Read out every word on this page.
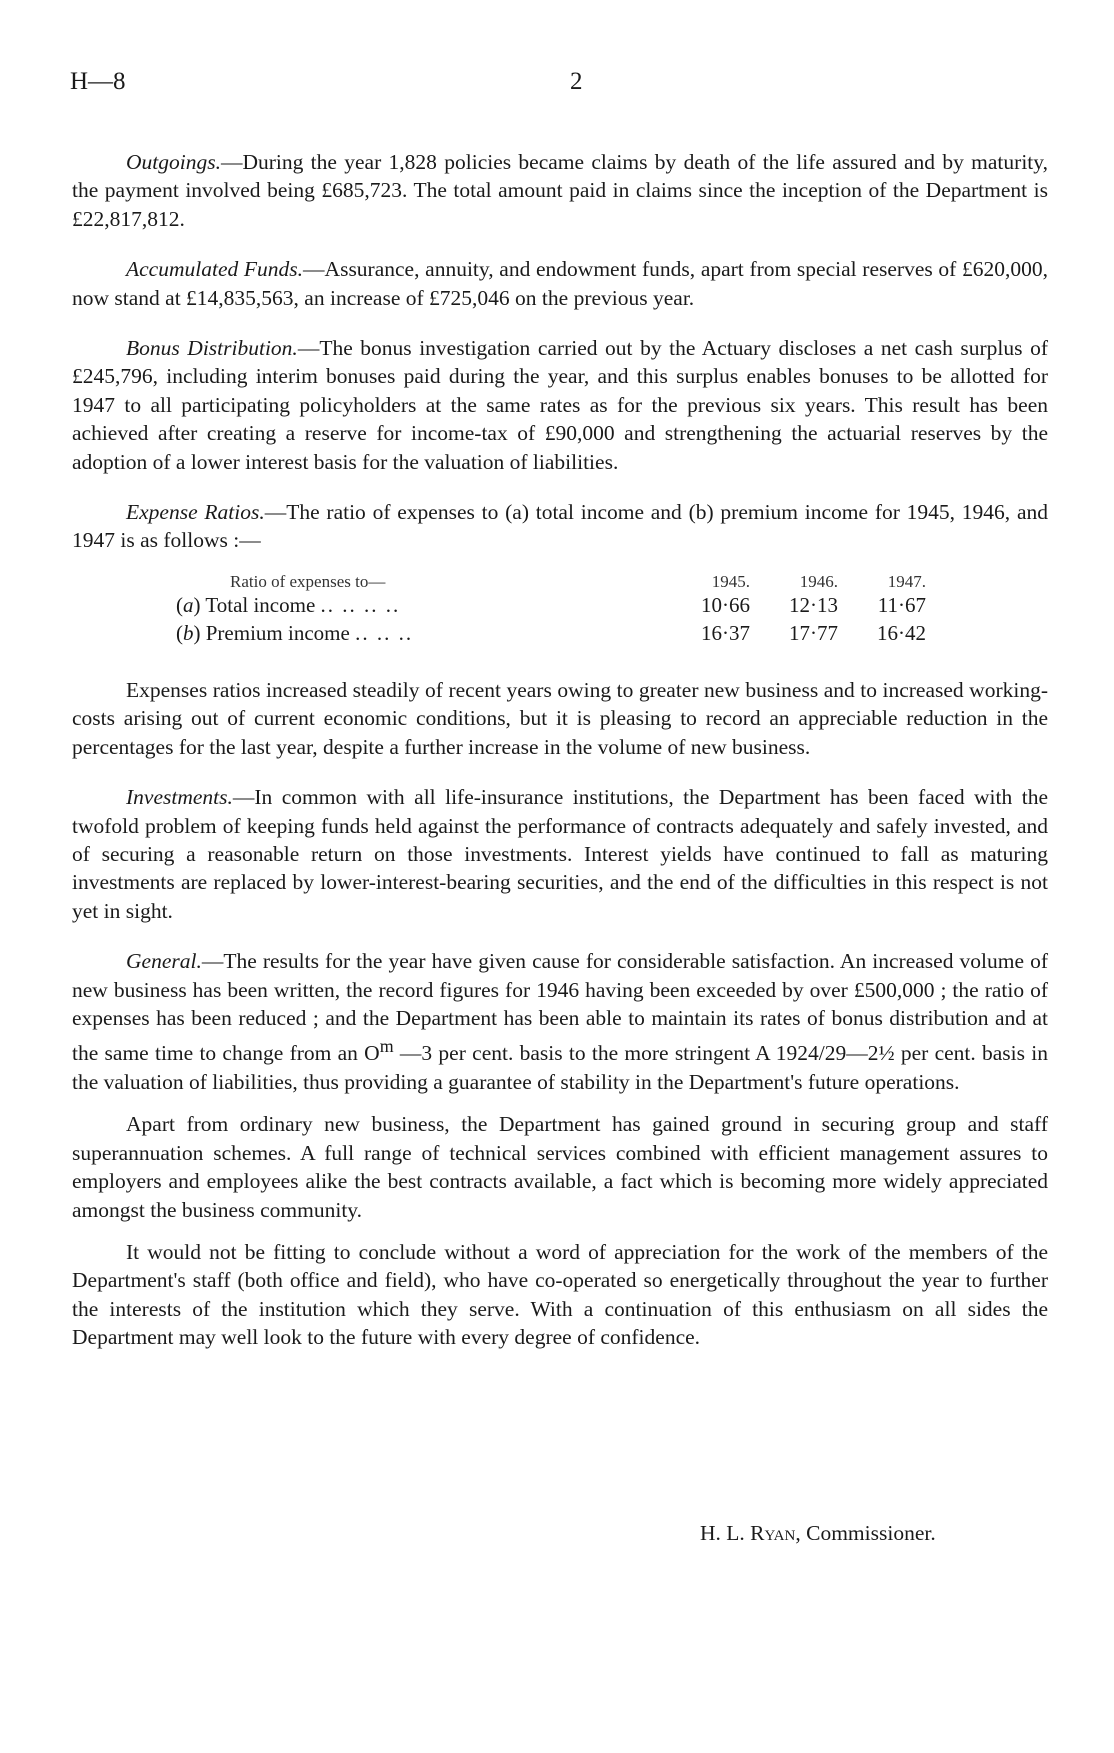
H—8	2

Outgoings.—During the year 1,828 policies became claims by death of the life assured and by maturity, the payment involved being £685,723. The total amount paid in claims since the inception of the Department is £22,817,812.

Accumulated Funds.—Assurance, annuity, and endowment funds, apart from special reserves of £620,000, now stand at £14,835,563, an increase of £725,046 on the previous year.

Bonus Distribution.—The bonus investigation carried out by the Actuary discloses a net cash surplus of £245,796, including interim bonuses paid during the year, and this surplus enables bonuses to be allotted for 1947 to all participating policyholders at the same rates as for the previous six years. This result has been achieved after creating a reserve for income-tax of £90,000 and strengthening the actuarial reserves by the adoption of a lower interest basis for the valuation of liabilities.

Expense Ratios.—The ratio of expenses to (a) total income and (b) premium income for 1945, 1946, and 1947 is as follows :—

Ratio of expenses to—	1945.	1946.	1947.
(a) Total income .. .. .. ..	10·66	12·13	11·67
(b) Premium income .. .. ..	16·37	17·77	16·42

Expenses ratios increased steadily of recent years owing to greater new business and to increased working-costs arising out of current economic conditions, but it is pleasing to record an appreciable reduction in the percentages for the last year, despite a further increase in the volume of new business.

Investments.—In common with all life-insurance institutions, the Department has been faced with the twofold problem of keeping funds held against the performance of contracts adequately and safely invested, and of securing a reasonable return on those investments. Interest yields have continued to fall as maturing investments are replaced by lower-interest-bearing securities, and the end of the difficulties in this respect is not yet in sight.

General.—The results for the year have given cause for considerable satisfaction. An increased volume of new business has been written, the record figures for 1946 having been exceeded by over £500,000 ; the ratio of expenses has been reduced ; and the Department has been able to maintain its rates of bonus distribution and at the same time to change from an $O^m$ —3 per cent. basis to the more stringent A 1924/29—2½ per cent. basis in the valuation of liabilities, thus providing a guarantee of stability in the Department's future operations.

Apart from ordinary new business, the Department has gained ground in securing group and staff superannuation schemes. A full range of technical services combined with efficient management assures to employers and employees alike the best contracts available, a fact which is becoming more widely appreciated amongst the business community.

It would not be fitting to conclude without a word of appreciation for the work of the members of the Department's staff (both office and field), who have co-operated so energetically throughout the year to further the interests of the institution which they serve. With a continuation of this enthusiasm on all sides the Department may well look to the future with every degree of confidence.

H. L. Ryan, Commissioner.
